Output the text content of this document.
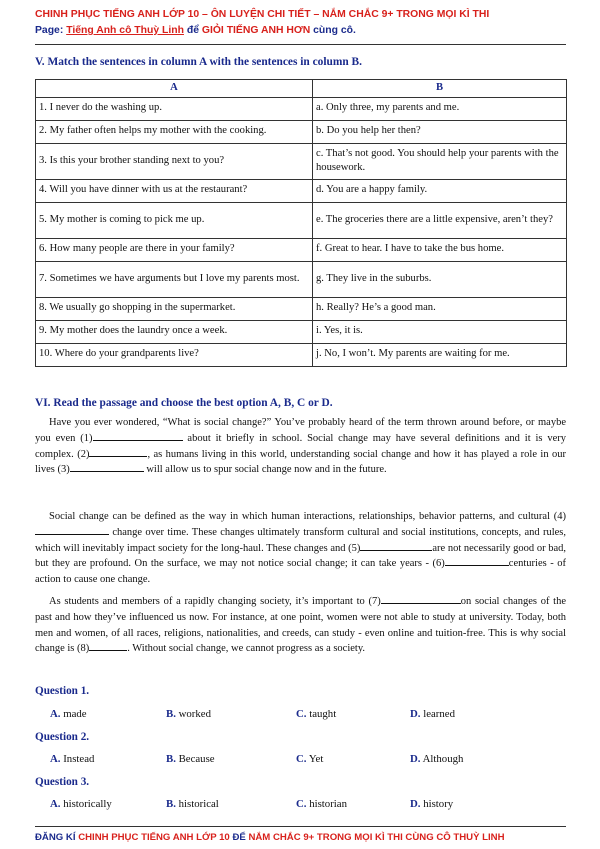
CHINH PHỤC TIẾNG ANH LỚP 10 – ÔN LUYỆN CHI TIẾT – NẮM CHẮC 9+ TRONG MỌI KÌ THI
Page: Tiếng Anh cô Thuỳ Linh để GIỎI TIẾNG ANH HƠN cùng cô.
V. Match the sentences in column A with the sentences in column B.
A	B
1. I never do the washing up.	a. Only three, my parents and me.
2. My father often helps my mother with the cooking.	b. Do you help her then?
3. Is this your brother standing next to you?	c. That’s not good. You should help your parents with the housework.
4. Will you have dinner with us at the restaurant?	d. You are a happy family.
5. My mother is coming to pick me up.	e. The groceries there are a little expensive, aren’t they?
6. How many people are there in your family?	f. Great to hear. I have to take the bus home.
7. Sometimes we have arguments but I love my parents most.	g. They live in the suburbs.
8. We usually go shopping in the supermarket.	h. Really? He’s a good man.
9. My mother does the laundry once a week.	i. Yes, it is.
10. Where do your grandparents live?	j. No, I won’t. My parents are waiting for me.
VI. Read the passage and choose the best option A, B, C or D.

Have you ever wondered, “What is social change?” You’ve probably heard of the term thrown around before, or maybe you even (1)	about it briefly in school. Social change may have several definitions and it is very complex. (2)	, as humans living in this world, understanding social change and how it has played a role in our lives (3)	will allow us to spur social change now and in the future.

Social change can be defined as the way in which human interactions, relationships, behavior patterns, and cultural (4)  change over time. These changes ultimately transform cultural and social institutions, concepts, and rules, which will inevitably impact society for the long-haul. These changes and (5)	are not necessarily good or bad, but they are profound. On the surface, we may not notice social change; it can take years - (6)	centuries - of action to cause one change.

As students and members of a rapidly changing society, it’s important to (7)	on social changes of the past and how they’ve influenced us now. For instance, at one point, women were not able to study at university. Today, both men and women, of all races, religions, nationalities, and creeds, can study - even online and tuition-free. This is why social change is (8)	. Without social change, we cannot progress as a society.

Question 1.
A. made	B. worked	C. taught	D. learned
Question 2.
A. Instead	B. Because	C. Yet	D. Although
Question 3.
A. historically	B. historical	C. historian	D. history
ĐĂNG KÍ CHINH PHỤC TIẾNG ANH LỚP 10 ĐỂ NẮM CHẮC 9+ TRONG MỌI KÌ THI CÙNG CÔ THUỲ LINH
